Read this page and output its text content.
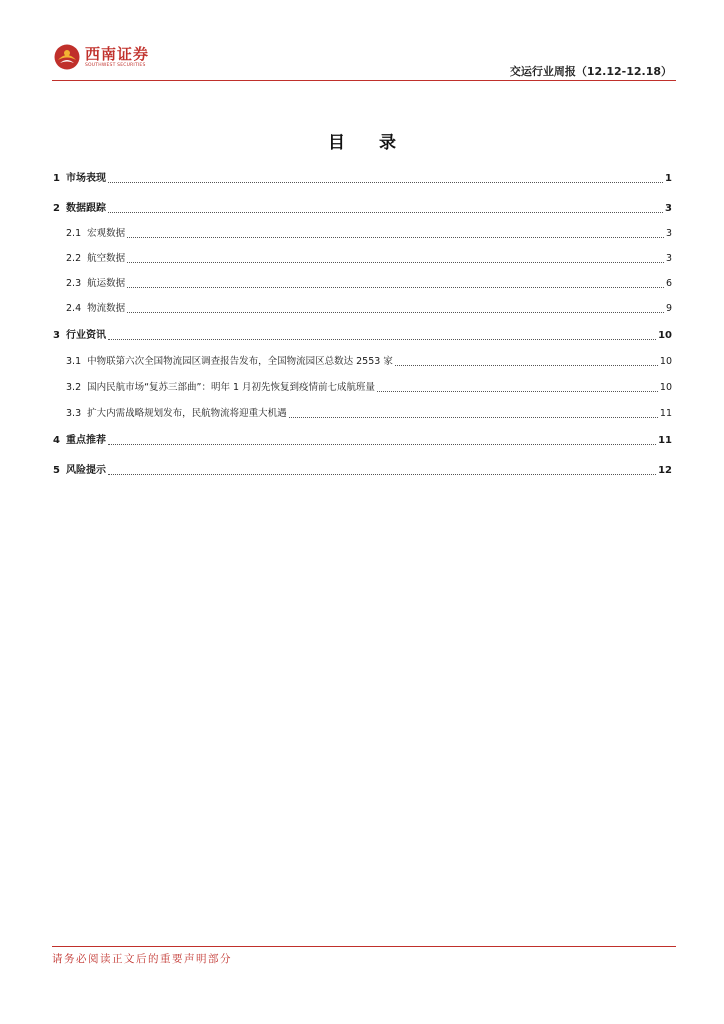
西南证券
SOUTHWEST SECURITIES	交运行业周报（12.12-12.18）
目 录
1 市场表现	1
2 数据跟踪	3
2.1 宏观数据	3
2.2 航空数据	3
2.3 航运数据	6
2.4 物流数据	9
3 行业资讯	10
3.1 中物联第六次全国物流园区调查报告发布，全国物流园区总数达 2553 家	10
3.2 国内民航市场“复苏三部曲”：明年 1 月初先恢复到疫情前七成航班量	10
3.3 扩大内需战略规划发布，民航物流将迎重大机遇	11
4 重点推荐	11
5 风险提示	12
请务必阅读正文后的重要声明部分
